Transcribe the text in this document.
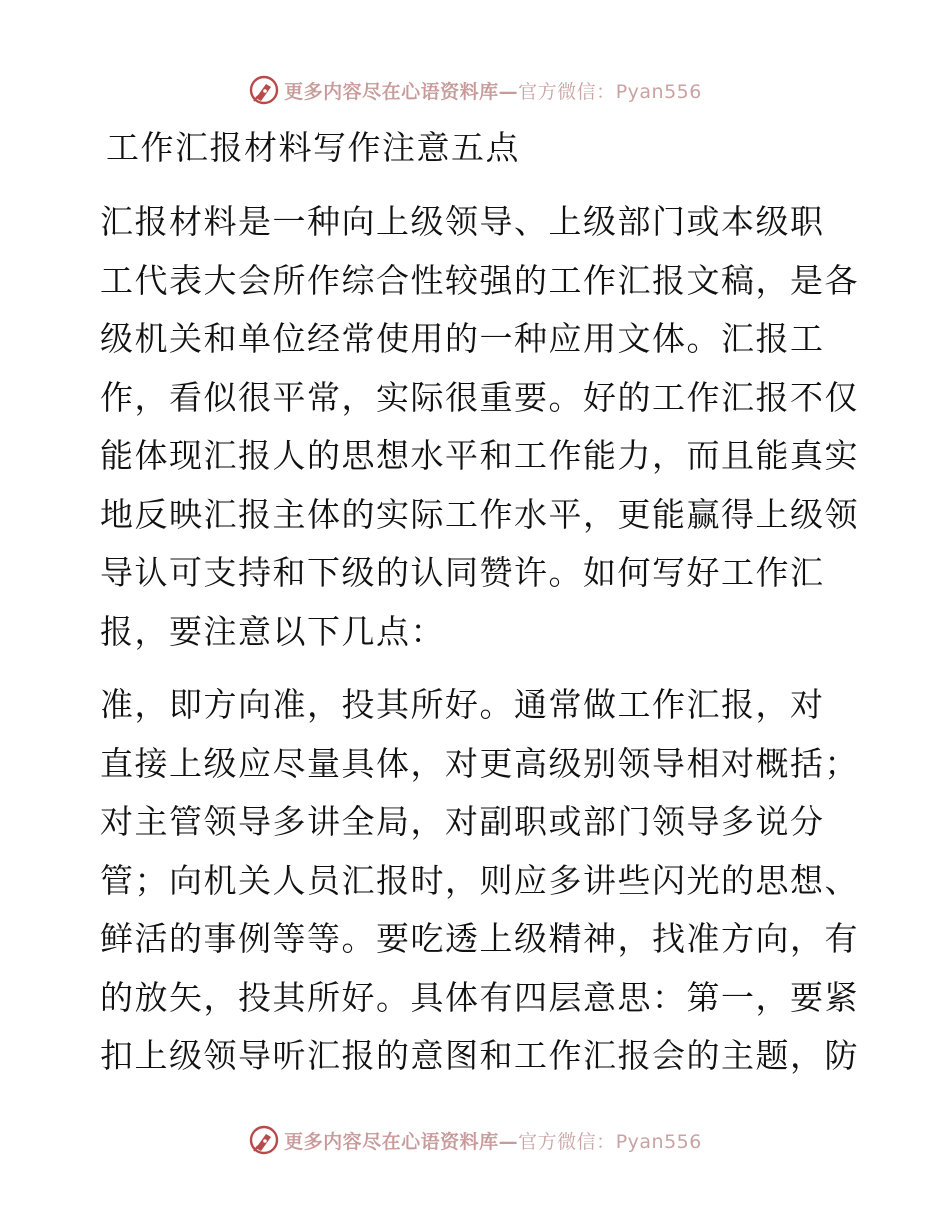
更多内容尽在心语资料库—官方微信：Pyan556
工作汇报材料写作注意五点
汇报材料是一种向上级领导、上级部门或本级职
工代表大会所作综合性较强的工作汇报文稿，是各
级机关和单位经常使用的一种应用文体。汇报工
作，看似很平常，实际很重要。好的工作汇报不仅
能体现汇报人的思想水平和工作能力，而且能真实
地反映汇报主体的实际工作水平，更能赢得上级领
导认可支持和下级的认同赞许。如何写好工作汇
报，要注意以下几点：
准，即方向准，投其所好。通常做工作汇报，对
直接上级应尽量具体，对更高级别领导相对概括；
对主管领导多讲全局，对副职或部门领导多说分
管；向机关人员汇报时，则应多讲些闪光的思想、
鲜活的事例等等。要吃透上级精神，找准方向，有
的放矢，投其所好。具体有四层意思：第一，要紧
扣上级领导听汇报的意图和工作汇报会的主题，防
更多内容尽在心语资料库—官方微信：Pyan556
